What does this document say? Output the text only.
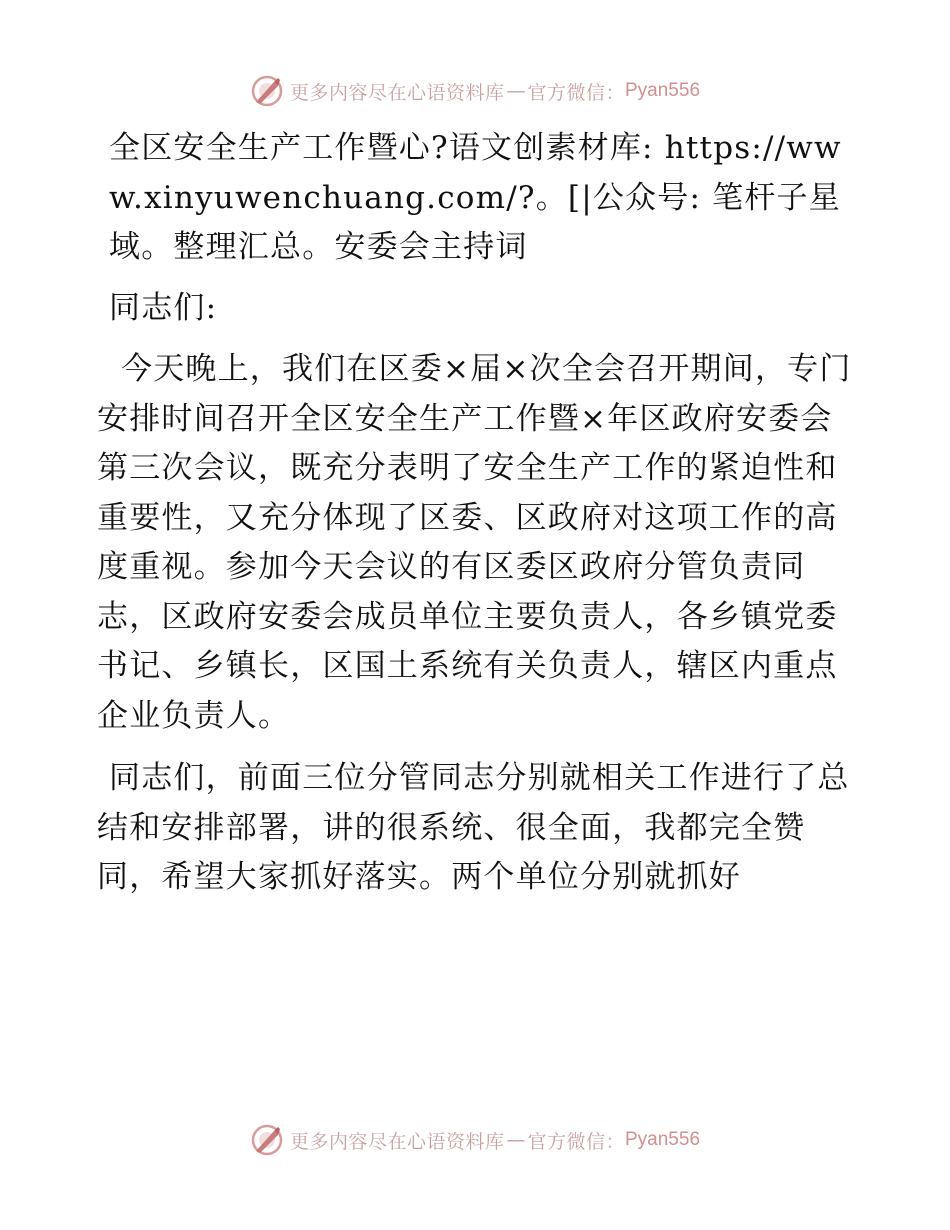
更多内容尽在心语资料库 — 官方微信： Pyan556

全区安全生产工作暨心?语文创素材库: https://www.xinyuwenchuang.com/?。[|公众号: 笔杆子星域。整理汇总。安委会主持词

同志们:

今天晚上，我们在区委×届×次全会召开期间，专门安排时间召开全区安全生产工作暨×年区政府安委会第三次会议，既充分表明了安全生产工作的紧迫性和重要性，又充分体现了区委、区政府对这项工作的高度重视。参加今天会议的有区委区政府分管负责同志，区政府安委会成员单位主要负责人，各乡镇党委书记、乡镇长，区国土系统有关负责人，辖区内重点企业负责人。

同志们，前面三位分管同志分别就相关工作进行了总结和安排部署，讲的很系统、很全面，我都完全赞同，希望大家抓好落实。两个单位分别就抓好

更多内容尽在心语资料库 — 官方微信： Pyan556
